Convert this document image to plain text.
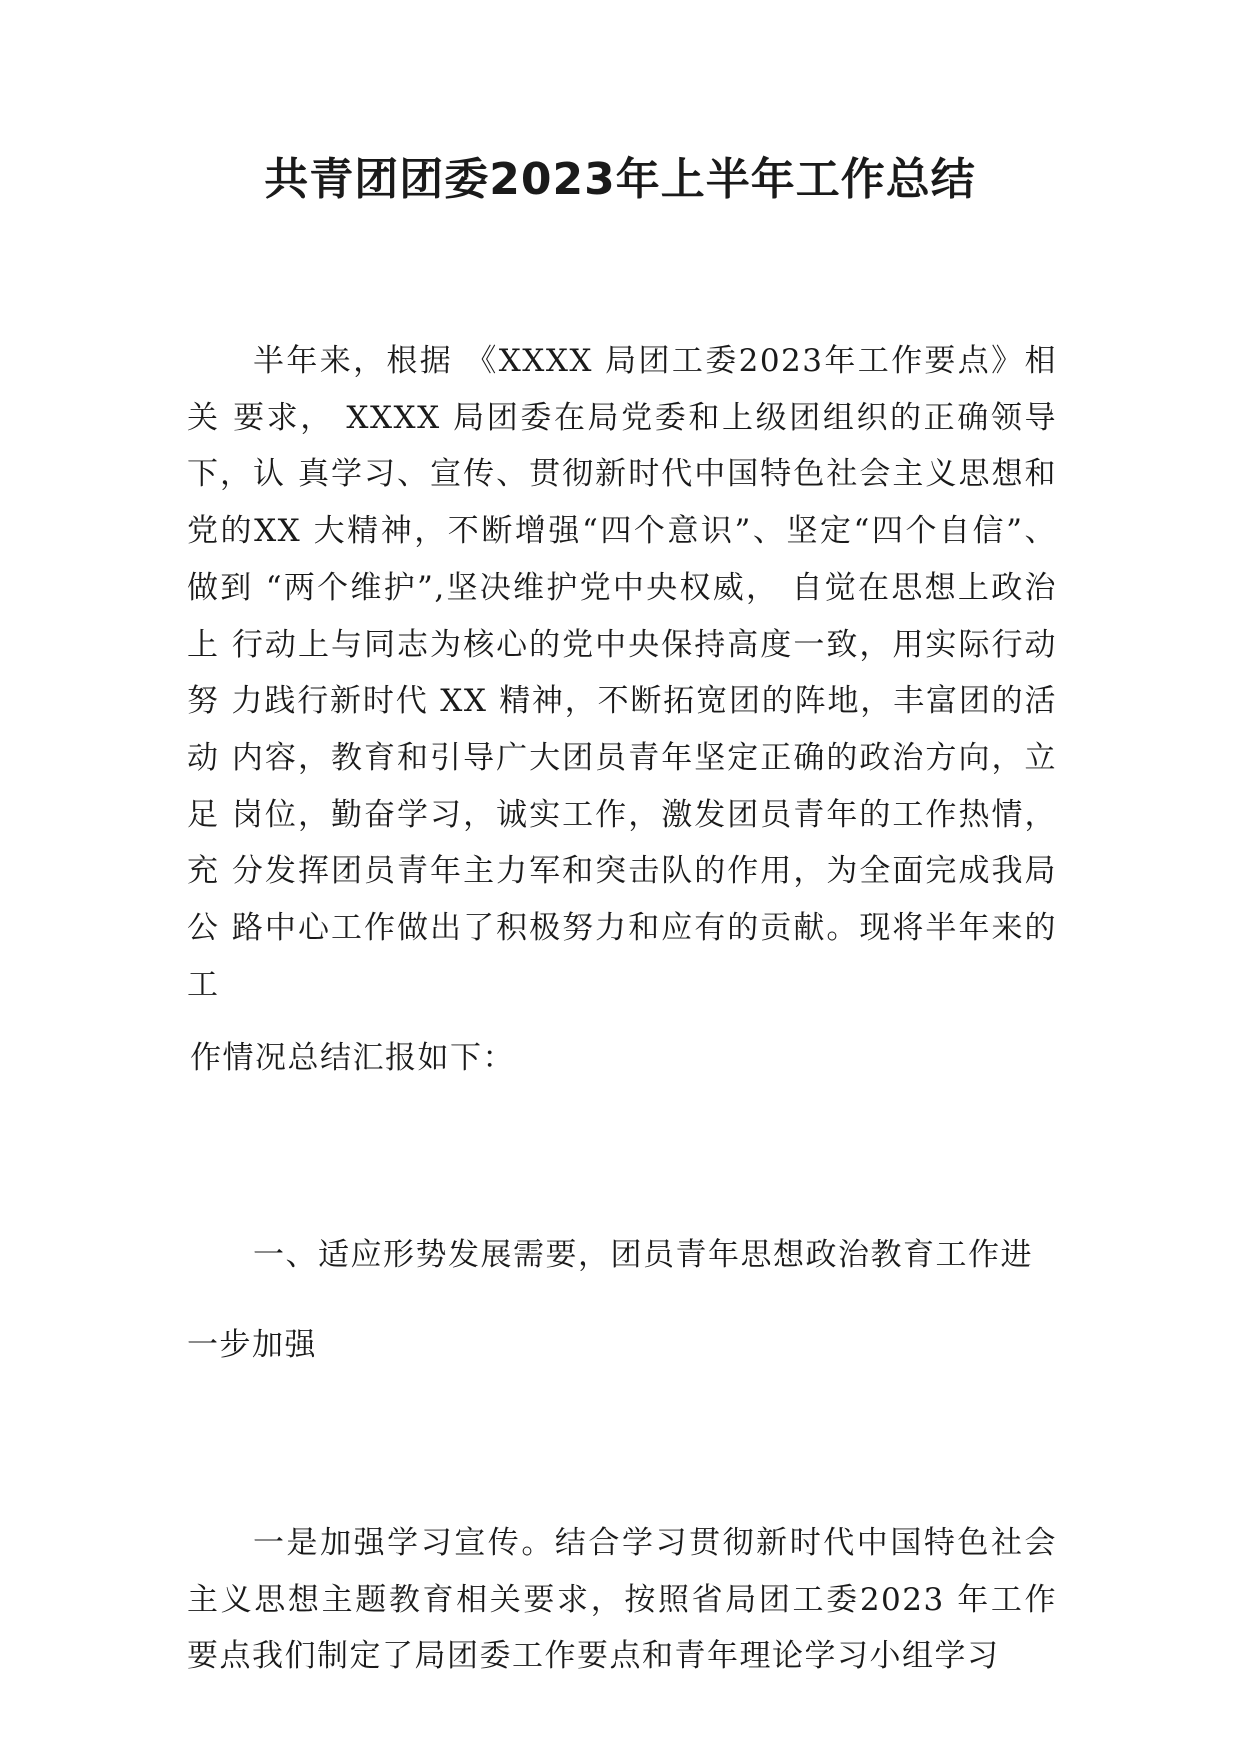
共青团团委2023年上半年工作总结

半年来，根据 《XXXX 局团工委2023年工作要点》相关 要求， XXXX 局团委在局党委和上级团组织的正确领导下，认 真学习、宣传、贯彻新时代中国特色社会主义思想和党的XX 大精神，不断增强“四个意识”、坚定“四个自信”、做到 “两个维护”,坚决维护党中央权威， 自觉在思想上政治上 行动上与同志为核心的党中央保持高度一致，用实际行动努 力践行新时代 XX 精神，不断拓宽团的阵地，丰富团的活动 内容，教育和引导广大团员青年坚定正确的政治方向，立足 岗位，勤奋学习，诚实工作，激发团员青年的工作热情，充 分发挥团员青年主力军和突击队的作用，为全面完成我局公 路中心工作做出了积极努力和应有的贡献。现将半年来的工

作情况总结汇报如下：

一、适应形势发展需要，团员青年思想政治教育工作进

一步加强

一是加强学习宣传。结合学习贯彻新时代中国特色社会主义思想主题教育相关要求，按照省局团工委2023 年工作 要点我们制定了局团委工作要点和青年理论学习小组学习
